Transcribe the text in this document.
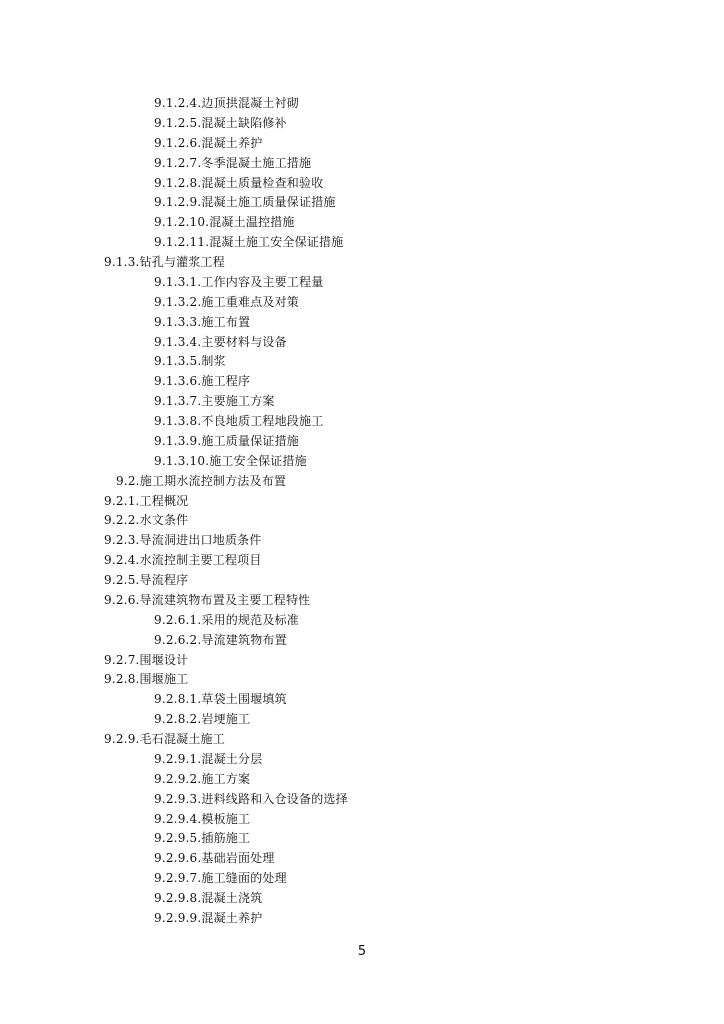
9.1.2.4.边顶拱混凝土衬砌
9.1.2.5.混凝土缺陷修补
9.1.2.6.混凝土养护
9.1.2.7.冬季混凝土施工措施
9.1.2.8.混凝土质量检查和验收
9.1.2.9.混凝土施工质量保证措施
9.1.2.10.混凝土温控措施
9.1.2.11.混凝土施工安全保证措施
9.1.3.钻孔与灌浆工程
9.1.3.1.工作内容及主要工程量
9.1.3.2.施工重难点及对策
9.1.3.3.施工布置
9.1.3.4.主要材料与设备
9.1.3.5.制浆
9.1.3.6.施工程序
9.1.3.7.主要施工方案
9.1.3.8.不良地质工程地段施工
9.1.3.9.施工质量保证措施
9.1.3.10.施工安全保证措施
9.2.施工期水流控制方法及布置
9.2.1.工程概况
9.2.2.水文条件
9.2.3.导流洞进出口地质条件
9.2.4.水流控制主要工程项目
9.2.5.导流程序
9.2.6.导流建筑物布置及主要工程特性
9.2.6.1.采用的规范及标准
9.2.6.2.导流建筑物布置
9.2.7.围堰设计
9.2.8.围堰施工
9.2.8.1.草袋土围堰填筑
9.2.8.2.岩埂施工
9.2.9.毛石混凝土施工
9.2.9.1.混凝土分层
9.2.9.2.施工方案
9.2.9.3.进料线路和入仓设备的选择
9.2.9.4.模板施工
9.2.9.5.插筋施工
9.2.9.6.基础岩面处理
9.2.9.7.施工缝面的处理
9.2.9.8.混凝土浇筑
9.2.9.9.混凝土养护
5
